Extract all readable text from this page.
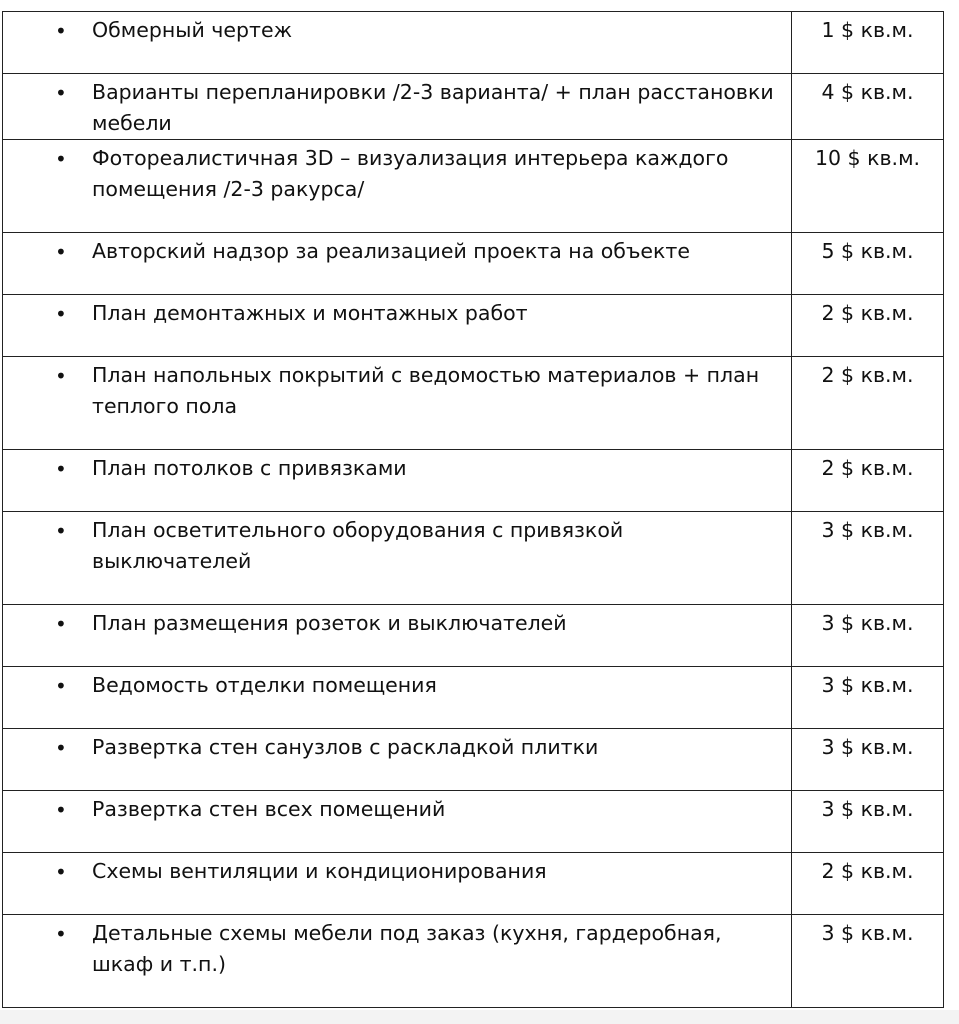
• Обмерный чертеж	1 $ кв.м.

• Варианты перепланировки /2-3 варианта/ + план расстановки мебели	4 $ кв.м.

• Фотореалистичная 3D – визуализация интерьера каждого помещения /2-3 ракурса/	10 $ кв.м.

• Авторский надзор за реализацией проекта на объекте	5 $ кв.м.

• План демонтажных и монтажных работ	2 $ кв.м.

• План напольных покрытий с ведомостью материалов + план теплого пола	2 $ кв.м.

• План потолков с привязками	2 $ кв.м.

• План осветительного оборудования с привязкой выключателей	3 $ кв.м.

• План размещения розеток и выключателей	3 $ кв.м.

• Ведомость отделки помещения	3 $ кв.м.

• Развертка стен санузлов с раскладкой плитки	3 $ кв.м.

• Развертка стен всех помещений	3 $ кв.м.

• Схемы вентиляции и кондиционирования	2 $ кв.м.

• Детальные схемы мебели под заказ (кухня, гардеробная, шкаф и т.п.)	3 $ кв.м.
